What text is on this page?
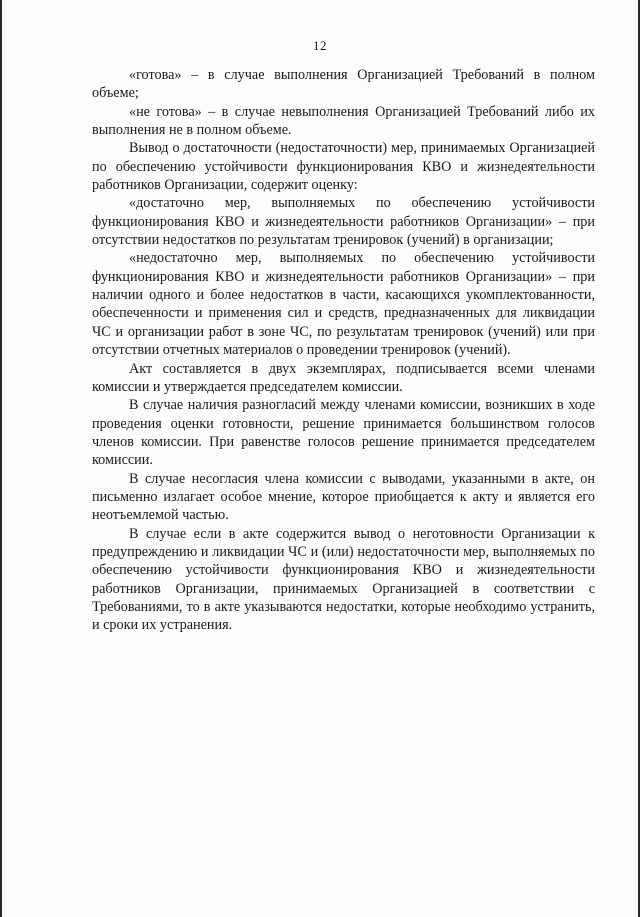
12

«готова» – в случае выполнения Организацией Требований в полном объеме;

«не готова» – в случае невыполнения Организацией Требований либо их выполнения не в полном объеме.

Вывод о достаточности (недостаточности) мер, принимаемых Организацией по обеспечению устойчивости функционирования КВО и жизнедеятельности работников Организации, содержит оценку:

«достаточно мер, выполняемых по обеспечению устойчивости функционирования КВО и жизнедеятельности работников Организации» – при отсутствии недостатков по результатам тренировок (учений) в организации;

«недостаточно мер, выполняемых по обеспечению устойчивости функционирования КВО и жизнедеятельности работников Организации» – при наличии одного и более недостатков в части, касающихся укомплектованности, обеспеченности и применения сил и средств, предназначенных для ликвидации ЧС и организации работ в зоне ЧС, по результатам тренировок (учений) или при отсутствии отчетных материалов о проведении тренировок (учений).

Акт составляется в двух экземплярах, подписывается всеми членами комиссии и утверждается председателем комиссии.

В случае наличия разногласий между членами комиссии, возникших в ходе проведения оценки готовности, решение принимается большинством голосов членов комиссии. При равенстве голосов решение принимается председателем комиссии.

В случае несогласия члена комиссии с выводами, указанными в акте, он письменно излагает особое мнение, которое приобщается к акту и является его неотъемлемой частью.

В случае если в акте содержится вывод о неготовности Организации к предупреждению и ликвидации ЧС и (или) недостаточности мер, выполняемых по обеспечению устойчивости функционирования КВО и жизнедеятельности работников Организации, принимаемых Организацией в соответствии с Требованиями, то в акте указываются недостатки, которые необходимо устранить, и сроки их устранения.
